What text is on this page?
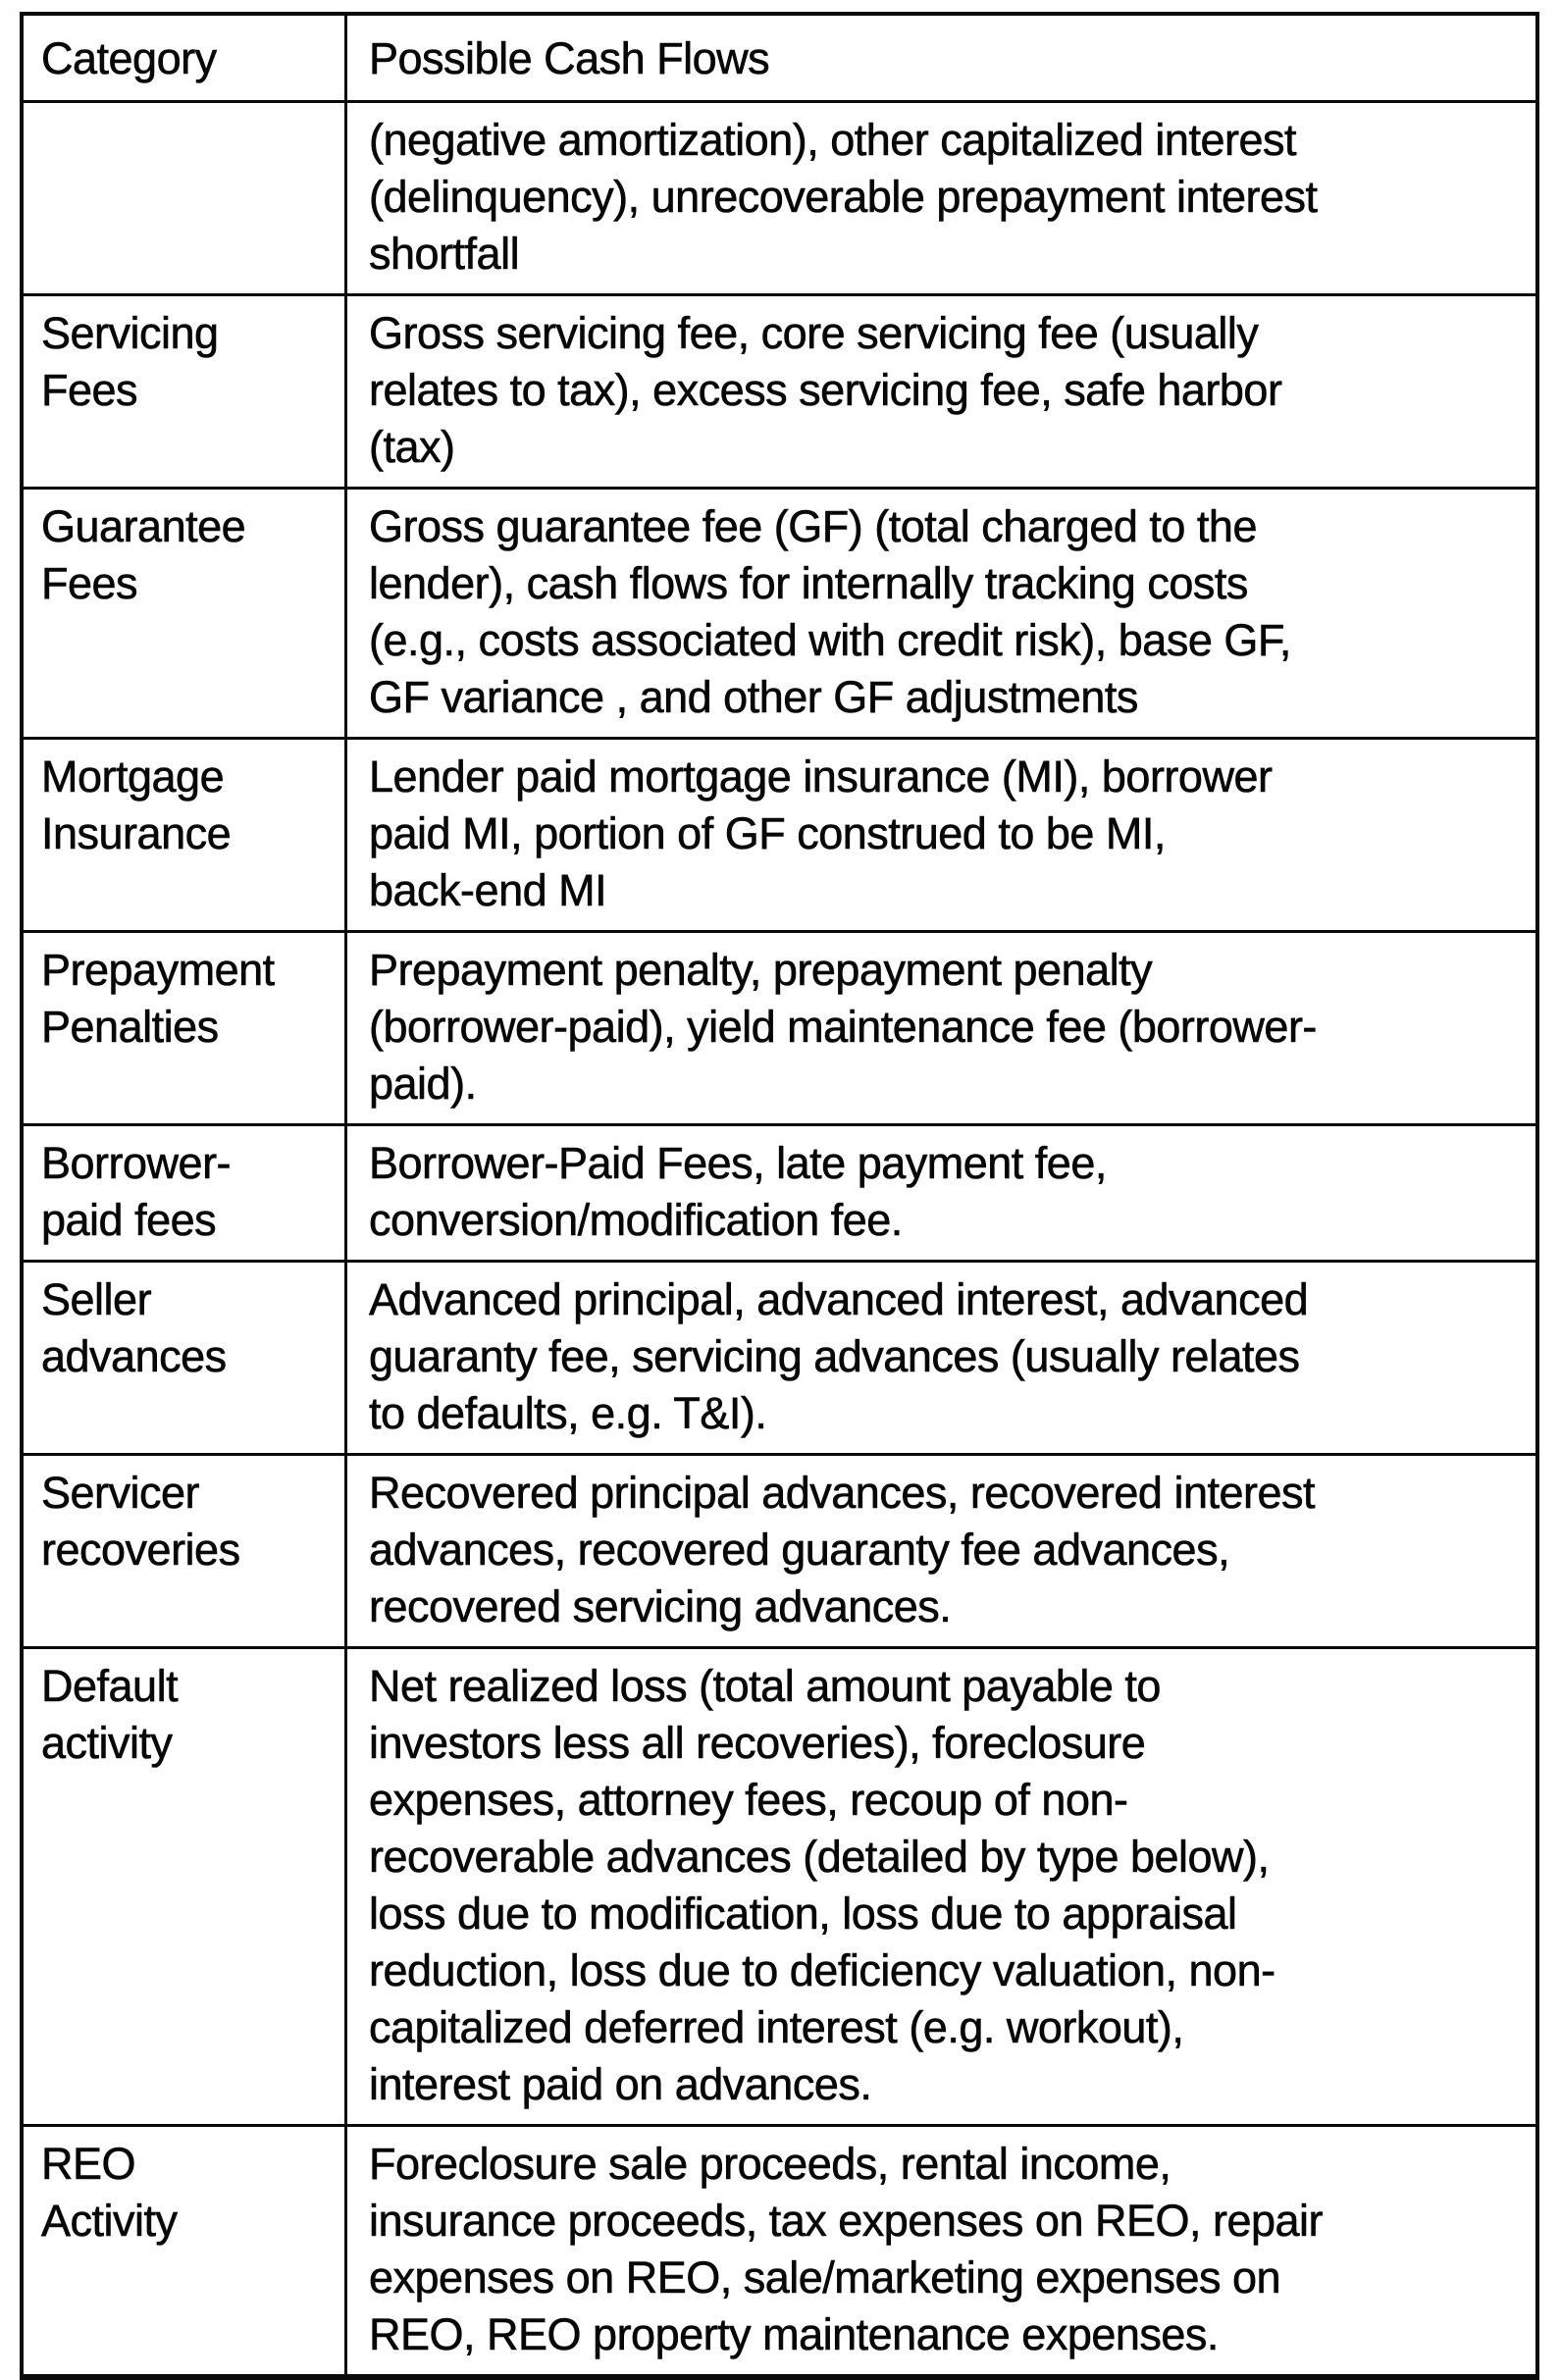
Category	Possible Cash Flows
(negative amortization), other capitalized interest
(delinquency), unrecoverable prepayment interest
shortfall
Servicing
Fees
Gross servicing fee, core servicing fee (usually
relates to tax), excess servicing fee, safe harbor
(tax)
Guarantee
Fees
Gross guarantee fee (GF) (total charged to the
lender), cash flows for internally tracking costs
(e.g., costs associated with credit risk), base GF,
GF variance , and other GF adjustments
Mortgage
Insurance
Lender paid mortgage insurance (MI), borrower
paid MI, portion of GF construed to be MI,
back-end MI
Prepayment
Penalties
Prepayment penalty, prepayment penalty
(borrower-paid), yield maintenance fee (borrower-
paid).
Borrower-
paid fees
Borrower-Paid Fees, late payment fee,
conversion/modification fee.
Seller
advances
Advanced principal, advanced interest, advanced
guaranty fee, servicing advances (usually relates
to defaults, e.g. T&I).
Servicer
recoveries
Recovered principal advances, recovered interest
advances, recovered guaranty fee advances,
recovered servicing advances.
Default
activity
Net realized loss (total amount payable to
investors less all recoveries), foreclosure
expenses, attorney fees, recoup of non-
recoverable advances (detailed by type below),
loss due to modification, loss due to appraisal
reduction, loss due to deficiency valuation, non-
capitalized deferred interest (e.g. workout),
interest paid on advances.
REO
Activity
Foreclosure sale proceeds, rental income,
insurance proceeds, tax expenses on REO, repair
expenses on REO, sale/marketing expenses on
REO, REO property maintenance expenses.
